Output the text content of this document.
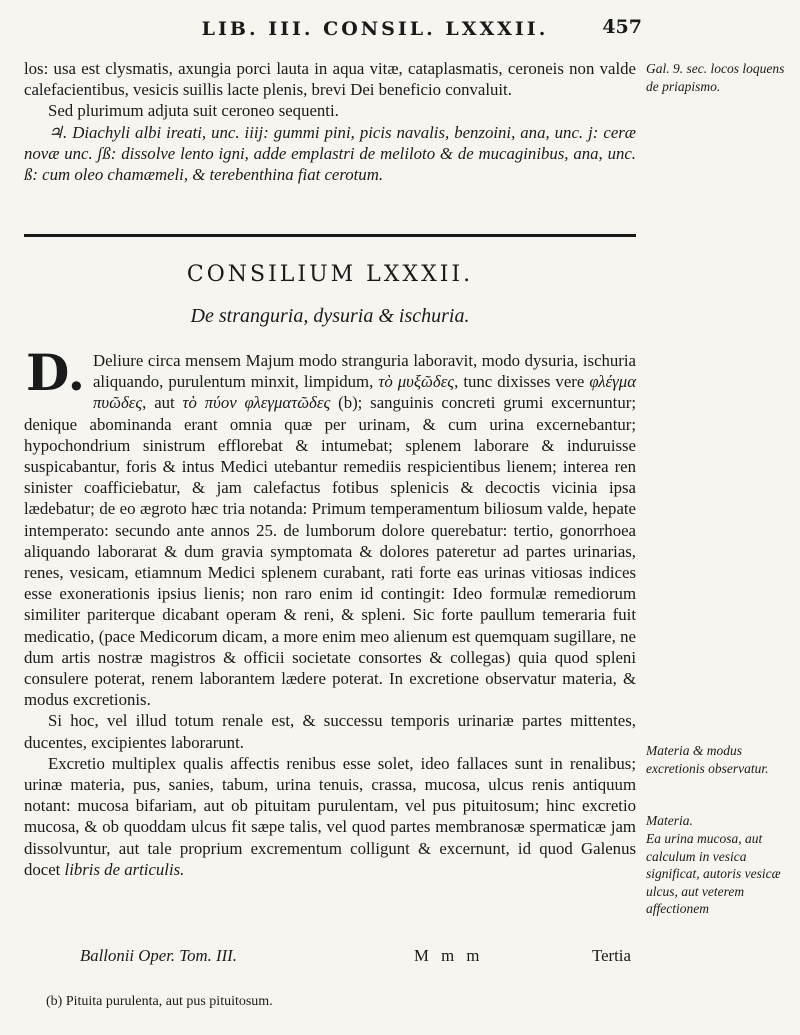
LIB. III. CONSIL. LXXXII.	457

los: usa est clysmatis, axungia porci lauta in aqua vitæ, cataplasmatis, ceroneis non valde calefacientibus, vesicis suillis lacte plenis, brevi Dei beneficio convaluit.

Sed plurimum adjuta suit ceroneo sequenti.

♃. Diachyli albi ireati, unc. iiij: gummi pini, picis navalis, benzoini, ana, unc. j: ceræ novæ unc. ʃß: dissolve lento igni, adde emplastri de meliloto & de mucaginibus, ana, unc. ß: cum oleo chamæmeli, & terebenthina fiat cerotum.

Gal. 9. sec. locos loquens de priapismo.
CONSILIUM LXXXII.
De stranguria, dysuria & ischuria.

D. Deliure circa mensem Majum modo stranguria laboravit, modo dysuria, ischuria aliquando, purulentum minxit, limpidum, τὸ μυξῶδες, tunc dixisses vere φλέγμα πυῶδες, aut τὸ πύον φλεγματῶδες (b); sanguinis concreti grumi excernuntur; denique abominanda erant omnia quæ per urinam, & cum urina excernebantur; hypochondrium sinistrum efflorebat & intumebat; splenem laborare & induruisse suspicabantur, foris & intus Medici utebantur remediis respicientibus lienem; interea ren sinister coafficiebatur, & jam calefactus fotibus splenicis & decoctis vicinia ipsa lædebatur; de eo ægroto hæc tria notanda: Primum temperamentum biliosum valde, hepate intemperato: secundo ante annos 25. de lumborum dolore querebatur: tertio, gonorrhoea aliquando laborarat & dum gravia symptomata & dolores pateretur ad partes urinarias, renes, vesicam, etiamnum Medici splenem curabant, rati forte eas urinas vitiosas indices esse exonerationis ipsius lienis; non raro enim id contingit: Ideo formulæ remediorum similiter pariterque dicabant operam & reni, & spleni. Sic forte paullum temeraria fuit medicatio, (pace Medicorum dicam, a more enim meo alienum est quemquam sugillare, ne dum artis nostræ magistros & officii societate consortes & collegas) quia quod spleni consulere poterat, renem laborantem lædere poterat. In excretione observatur materia, & modus excretionis.

Si hoc, vel illud totum renale est, & successu temporis urinariæ partes mittentes, ducentes, excipientes laborarunt.

Excretio multiplex qualis affectis renibus esse solet, ideo fallaces sunt in renalibus; urinæ materia, pus, sanies, tabum, urina tenuis, crassa, mucosa, ulcus renis antiquum notant: mucosa bifariam, aut ob pituitam purulentam, vel pus pituitosum; hinc excretio mucosa, & ob quoddam ulcus fit sæpe talis, vel quod partes membranosæ spermaticæ jam dissolvuntur, aut tale proprium excrementum colligunt & excernunt, id quod Galenus docet libris de articulis.

Materia & modus excretionis observatur.
Materia.
Ea urina mucosa, aut calculum in vesica significat, autoris vesicæ ulcus, aut veterem affectionem
Ballonii Oper. Tom. III.	M m m	Tertia
(b) Pituita purulenta, aut pus pituitosum.
